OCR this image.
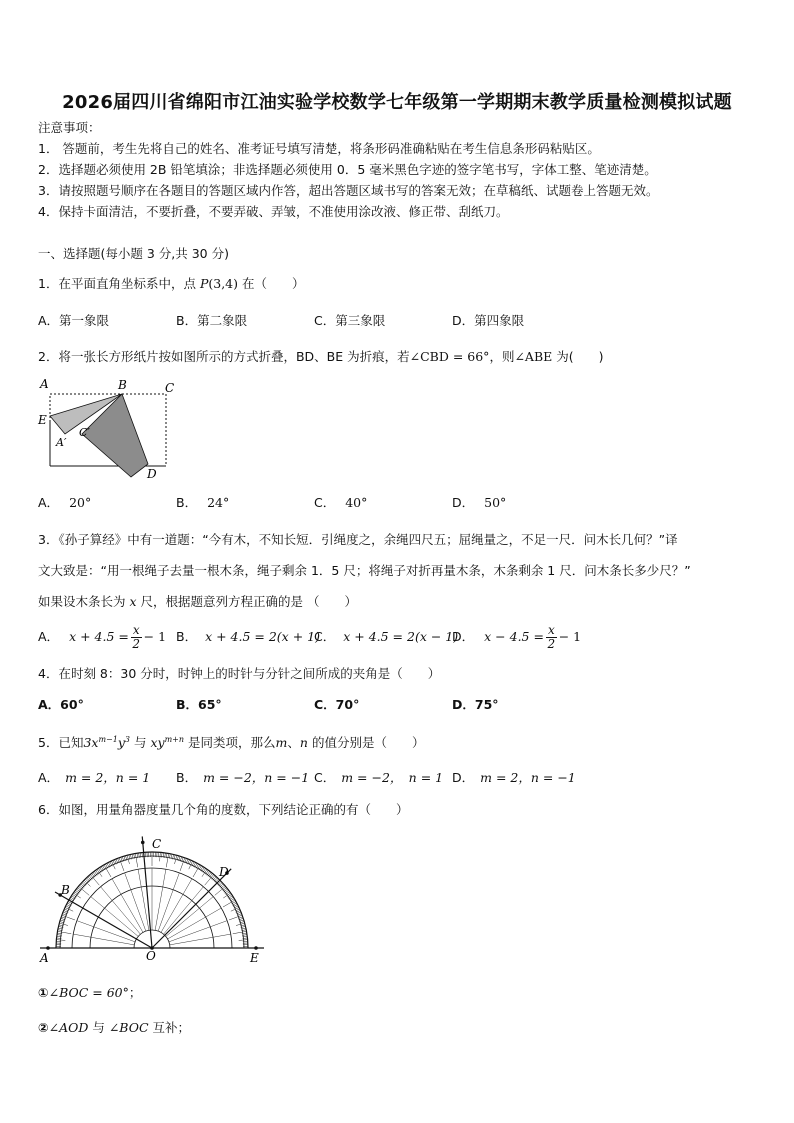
2026届四川省绵阳市江油实验学校数学七年级第一学期期末教学质量检测模拟试题
注意事项：
1． 答题前，考生先将自己的姓名、准考证号填写清楚，将条形码准确粘贴在考生信息条形码粘贴区。
2．选择题必须使用 2B 铅笔填涂；非选择题必须使用 0．5 毫米黑色字迹的签字笔书写，字体工整、笔迹清楚。
3．请按照题号顺序在各题目的答题区域内作答，超出答题区域书写的答案无效；在草稿纸、试题卷上答题无效。
4．保持卡面清洁，不要折叠，不要弄破、弄皱，不准使用涂改液、修正带、刮纸刀。
一、选择题(每小题 3 分,共 30 分)
1．在平面直角坐标系中，点 P(3,4) 在（　　）
A．第一象限	B．第二象限	C．第三象限	D．第四象限
2．将一张长方形纸片按如图所示的方式折叠，BD、BE 为折痕，若∠CBD = 66°，则∠ABE 为(　　)
A	B	C
E
A′
C′
D
A． 20°	B． 24°	C． 40°	D． 50°
3．《孙子算经》中有一道题：“今有木，不知长短．引绳度之，余绳四尺五；屈绳量之，不足一尺．问木长几何？”译
文大致是：“用一根绳子去量一根木条，绳子剩余 1．5 尺；将绳子对折再量木条，木条剩余 1 尺．问木条长多少尺？”
如果设木条长为 x 尺，根据题意列方程正确的是 （　　）
A． $x + 4.5 = \frac{x}{2} - 1$ B． x + 4.5 = 2(x + 1)
C． x + 4.5 = 2(x − 1)
D． $x - 4.5 = \frac{x}{2} - 1$
4．在时刻 8：30 分时，时钟上的时针与分针之间所成的夹角是（　　）
A．60°	B．65°	C．70°	D．75°
5．已知$3x^{m-1}y^3$ 与 $xy^{m+n}$ 是同类项，那么m、n 的值分别是（　　）
A． m = 2，n = 1 B． m = −2，n = −1 C． m = −2，　n = 1 D． m = 2，n = −1
6．如图，用量角器度量几个角的度数，下列结论正确的有（　　）
A
B
C
D
O	E
①∠BOC = 60°；
②∠AOD 与 ∠BOC 互补；
